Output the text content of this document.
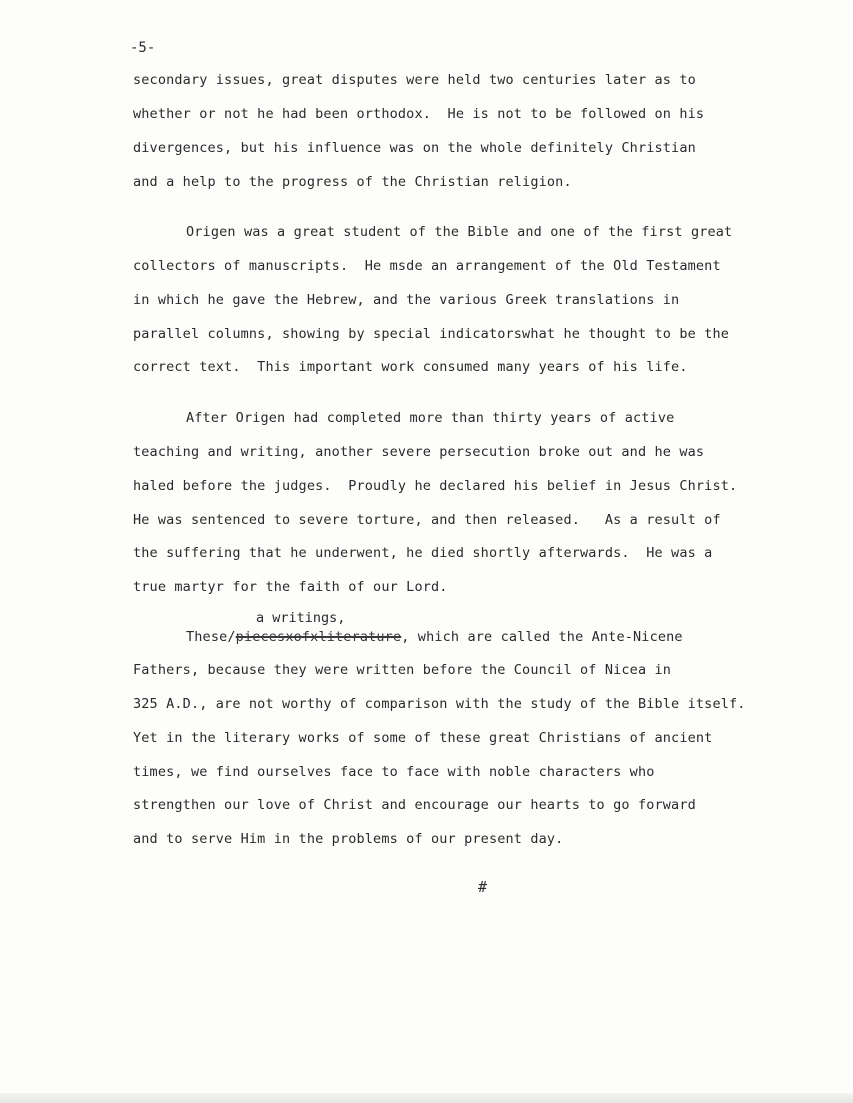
-5-
secondary issues, great disputes were held two centuries later as to
whether or not he had been orthodox.  He is not to be followed on his
divergences, but his influence was on the whole definitely Christian
and a help to the progress of the Christian religion.
Origen was a great student of the Bible and one of the first great
collectors of manuscripts.  He msde an arrangement of the Old Testament
in which he gave the Hebrew, and the various Greek translations in
parallel columns, showing by special indicatorswhat he thought to be the
correct text.  This important work consumed many years of his life.
After Origen had completed more than thirty years of active
teaching and writing, another severe persecution broke out and he was
haled before the judges.  Proudly he declared his belief in Jesus Christ.
He was sentenced to severe torture, and then released.   As a result of
the suffering that he underwent, he died shortly afterwards.  He was a
true martyr for the faith of our Lord.
a writings,
These/piecesxofxliterature, which are called the Ante-Nicene
Fathers, because they were written before the Council of Nicea in
325 A.D., are not worthy of comparison with the study of the Bible itself.
Yet in the literary works of some of these great Christians of ancient
times, we find ourselves face to face with noble characters who
strengthen our love of Christ and encourage our hearts to go forward
and to serve Him in the problems of our present day.
#
